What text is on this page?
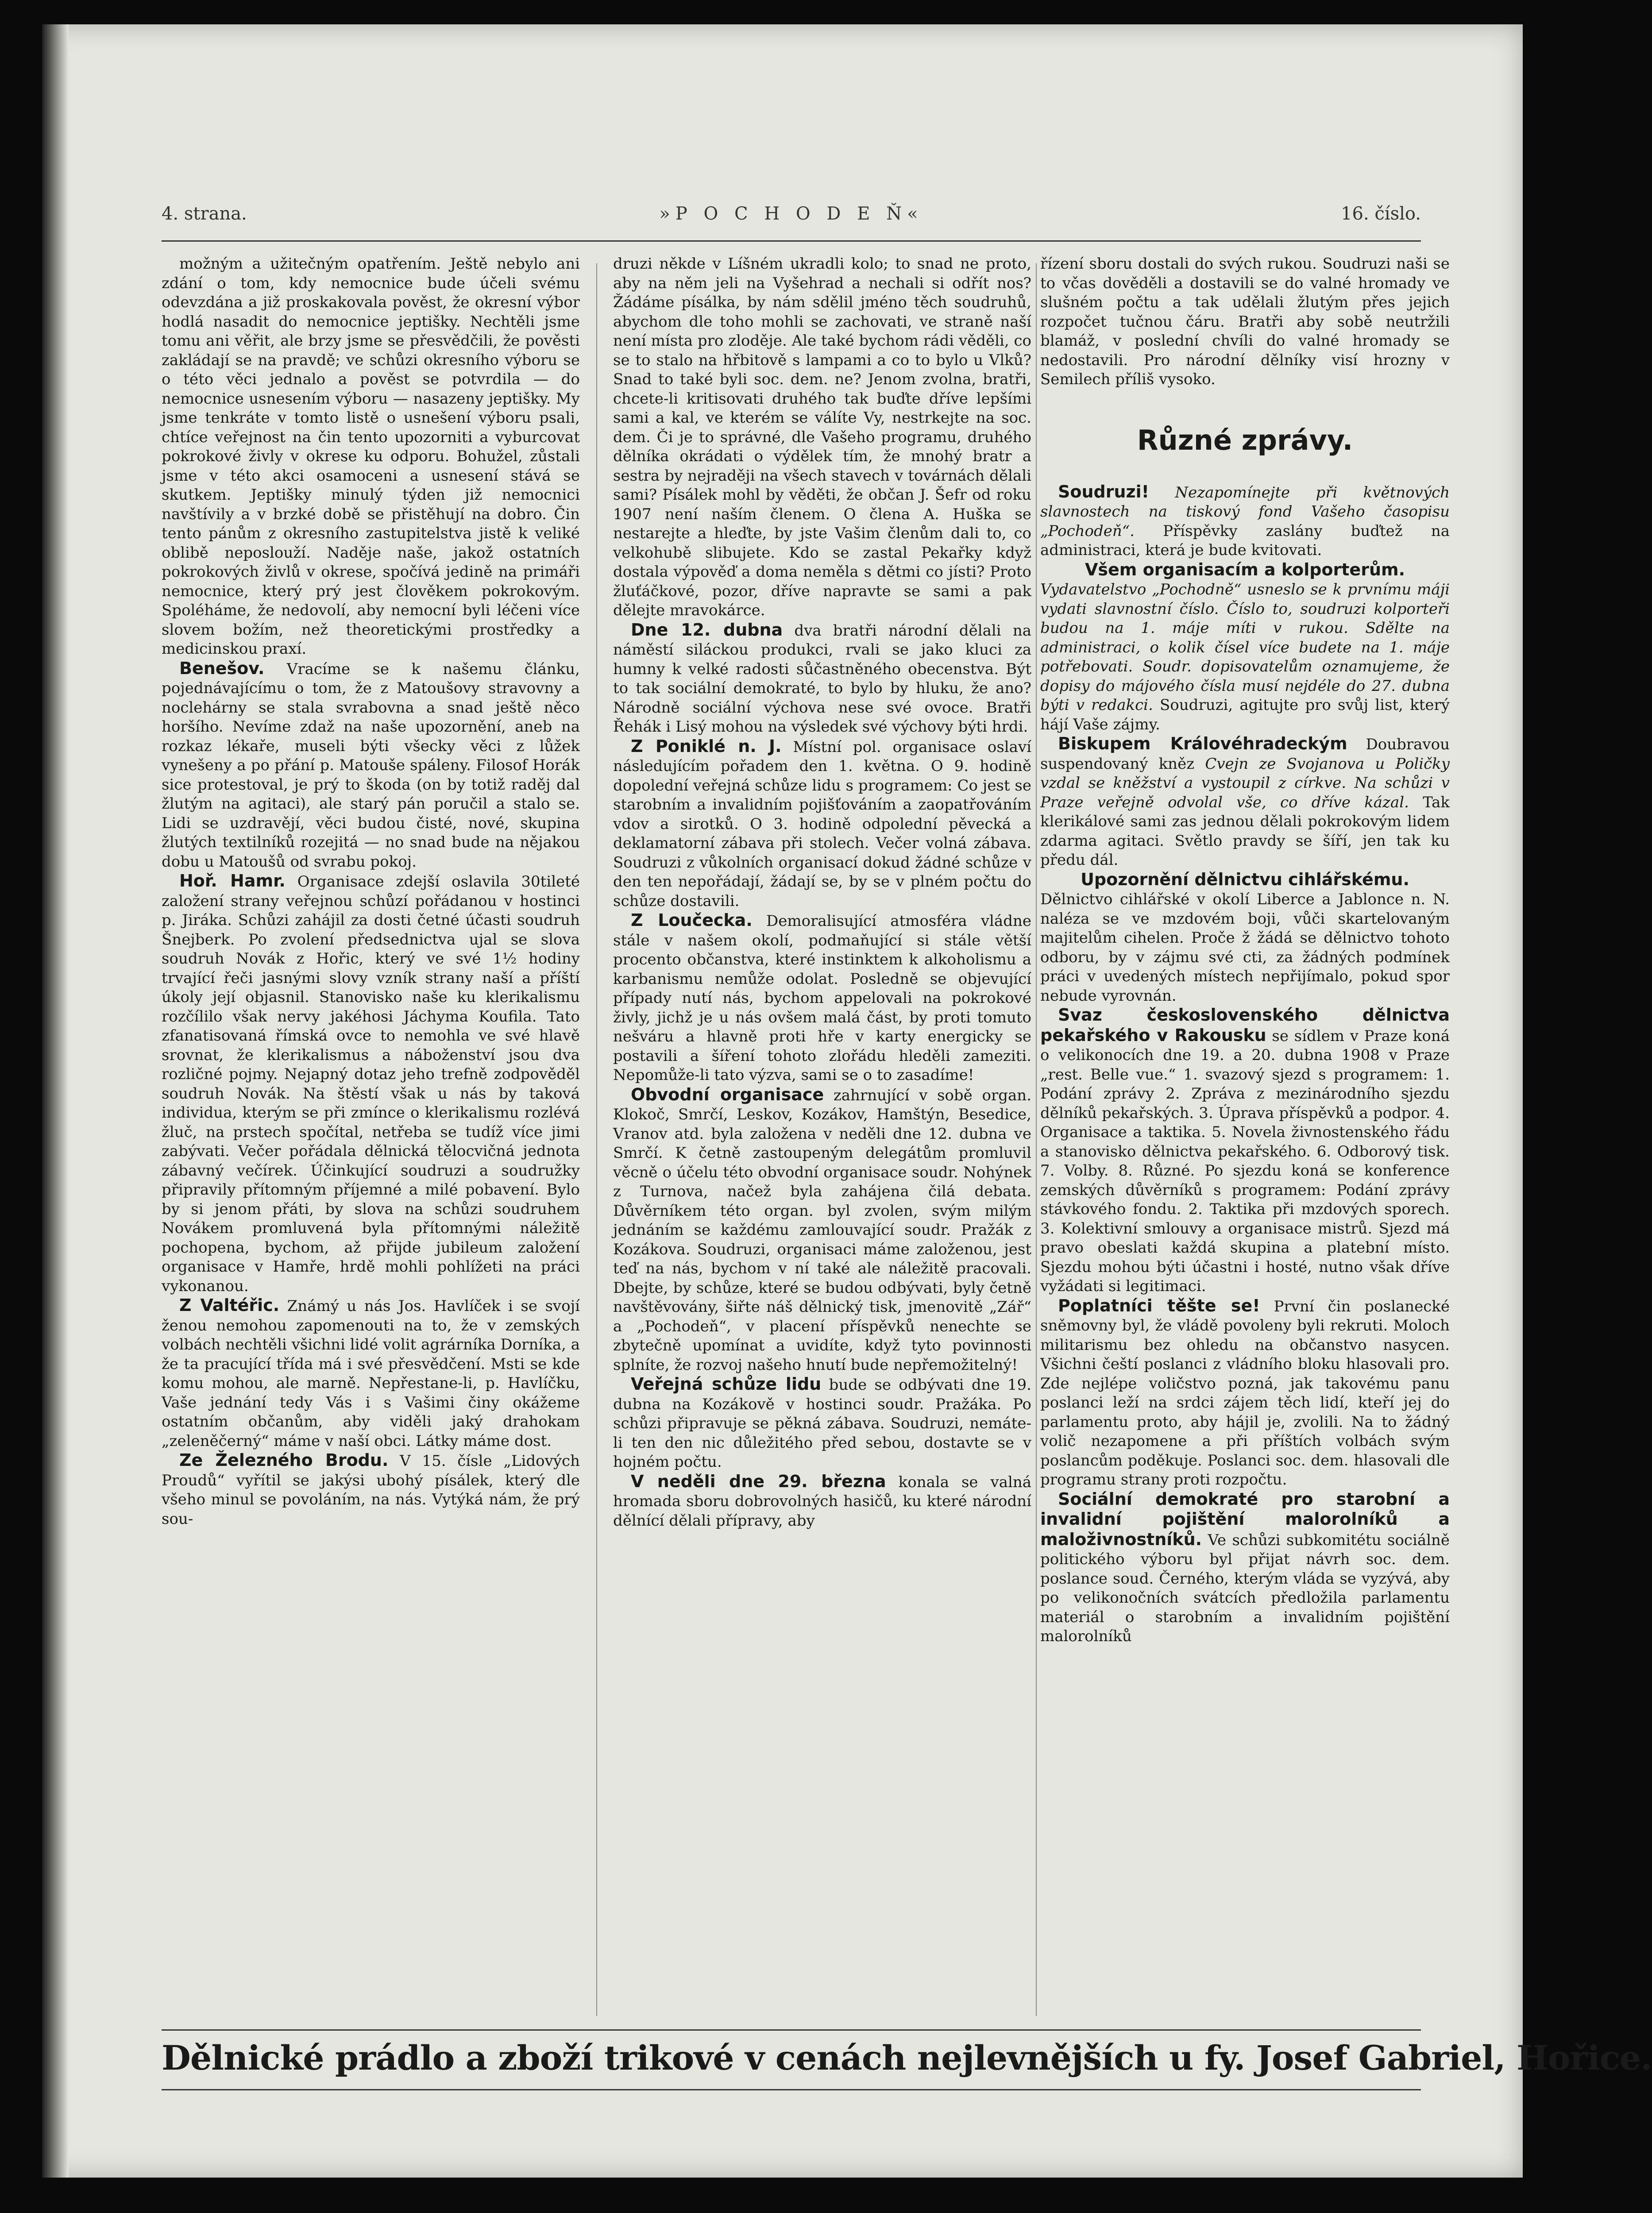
4. strana.	»P O C H O D E Ň«	16. číslo.

možným a užitečným opatřením. Ještě nebylo ani zdání o tom, kdy nemocnice bude účeli svému odevzdána a již proskakovala pověst, že okresní výbor hodlá nasadit do nemocnice jeptišky. Nechtěli jsme tomu ani věřit, ale brzy jsme se přesvědčili, že pověsti zakládají se na pravdě; ve schůzi okresního výboru se o této věci jednalo a pověst se potvrdila — do nemocnice usnesením výboru — nasazeny jeptišky. My jsme tenkráte v tomto listě o usnešení výboru psali, chtíce veřejnost na čin tento upozorniti a vyburcovat pokrokové živly v okrese ku odporu. Bohužel, zůstali jsme v této akci osamoceni a usnesení stává se skutkem. Jeptišky minulý týden již nemocnici navštívily a v brzké době se přistěhují na dobro. Čin tento pánům z okresního zastupitelstva jistě k veliké oblibě neposlouží. Naděje naše, jakož ostatních pokrokových živlů v okrese, spočívá jedině na primáři nemocnice, který prý jest člověkem pokrokovým. Spoléháme, že nedovolí, aby nemocní byli léčeni více slovem božím, než theoretickými prostředky a medicinskou praxí.

Benešov. Vracíme se k našemu článku, pojednávajícímu o tom, že z Matoušovy stravovny a noclehárny se stala svrabovna a snad ještě něco horšího. Nevíme zdaž na naše upozornění, aneb na rozkaz lékaře, museli býti všecky věci z lůžek vynešeny a po přání p. Matouše spáleny. Filosof Horák sice protestoval, je prý to škoda (on by totiž raděj dal žlutým na agitaci), ale starý pán poručil a stalo se. Lidi se uzdravějí, věci budou čisté, nové, skupina žlutých textilníků rozejitá — no snad bude na nějakou dobu u Matoušů od svrabu pokoj.

Hoř. Hamr. Organisace zdejší oslavila 30tileté založení strany veřejnou schůzí pořádanou v hostinci p. Jiráka. Schůzi zahájil za dosti četné účasti soudruh Šnejberk. Po zvolení předsednictva ujal se slova soudruh Novák z Hořic, který ve své 1½ hodiny trvající řeči jasnými slovy vzník strany naší a příští úkoly její objasnil. Stanovisko naše ku klerikalismu rozčílilo však nervy jakéhosi Jáchyma Koufila. Tato zfanatisovaná římská ovce to nemohla ve své hlavě srovnat, že klerikalismus a náboženství jsou dva rozličné pojmy. Nejapný dotaz jeho trefně zodpověděl soudruh Novák. Na štěstí však u nás by taková individua, kterým se při zmínce o klerikalismu rozlévá žluč, na prstech spočítal, netřeba se tudíž více jimi zabývati. Večer pořádala dělnická tělocvičná jednota zábavný večírek. Účinkující soudruzi a soudružky připravily přítomným příjemné a milé pobavení. Bylo by si jenom přáti, by slova na schůzi soudruhem Novákem promluvená byla přítomnými náležitě pochopena, bychom, až přijde jubileum založení organisace v Hamře, hrdě mohli pohlížeti na práci vykonanou.

Z Valtéřic. Známý u nás Jos. Havlíček i se svojí ženou nemohou zapomenouti na to, že v zemských volbách nechtěli všichni lidé volit agrárníka Dorníka, a že ta pracující třída má i své přesvědčení. Msti se kde komu mohou, ale marně. Nepřestane-li, p. Havlíčku, Vaše jednání tedy Vás i s Vašimi činy okážeme ostatním občanům, aby viděli jaký drahokam „zeleněčerný“ máme v naší obci. Látky máme dost.

Ze Železného Brodu. V 15. čísle „Lidových Proudů“ vyřítil se jakýsi ubohý písálek, který dle všeho minul se povoláním, na nás. Vytýká nám, že prý sou-

druzi někde v Líšném ukradli kolo; to snad ne proto, aby na něm jeli na Vyšehrad a nechali si odřít nos? Žádáme písálka, by nám sdělil jméno těch soudruhů, abychom dle toho mohli se zachovati, ve straně naší není místa pro zloděje. Ale také bychom rádi věděli, co se to stalo na hřbitově s lampami a co to bylo u Vlků? Snad to také byli soc. dem. ne? Jenom zvolna, bratři, chcete-li kritisovati druhého tak buďte dříve lepšími sami a kal, ve kterém se válíte Vy, nestrkejte na soc. dem. Či je to správné, dle Vašeho programu, druhého dělníka okrádati o výdělek tím, že mnohý bratr a sestra by nejraději na všech stavech v továrnách dělali sami? Písálek mohl by věděti, že občan J. Šefr od roku 1907 není naším členem. O člena A. Huška se nestarejte a hleďte, by jste Vašim členům dali to, co velkohubě slibujete. Kdo se zastal Pekařky když dostala výpověď a doma neměla s dětmi co jísti? Proto žluťáčkové, pozor, dříve napravte se sami a pak dělejte mravokárce.

Dne 12. dubna dva bratři národní dělali na náměstí siláckou produkci, rvali se jako kluci za humny k velké radosti sůčastněného obecenstva. Být to tak sociální demokraté, to bylo by hluku, že ano? Národně sociální výchova nese své ovoce. Bratři Řehák i Lisý mohou na výsledek své výchovy býti hrdi.

Z Poniklé n. J. Místní pol. organisace oslaví následujícím pořadem den 1. května. O 9. hodině dopolední veřejná schůze lidu s programem: Co jest se starobním a invalidním pojišťováním a zaopatřováním vdov a sirotků. O 3. hodině odpolední pěvecká a deklamatorní zábava při stolech. Večer volná zábava. Soudruzi z vůkolních organisací dokud žádné schůze v den ten nepořádají, žádají se, by se v plném počtu do schůze dostavili.

Z Loučecka. Demoralisující atmosféra vládne stále v našem okolí, podmaňující si stále větší procento občanstva, které instinktem k alkoholismu a karbanismu nemůže odolat. Posledně se objevující případy nutí nás, bychom appelovali na pokrokové živly, jichž je u nás ovšem malá část, by proti tomuto nešváru a hlavně proti hře v karty energicky se postavili a šíření tohoto zlořádu hleděli zameziti. Nepomůže-li tato výzva, sami se o to zasadíme!

Obvodní organisace zahrnující v sobě organ. Klokoč, Smrčí, Leskov, Kozákov, Hamštýn, Besedice, Vranov atd. byla založena v neděli dne 12. dubna ve Smrčí. K četně zastoupeným delegátům promluvil věcně o účelu této obvodní organisace soudr. Nohýnek z Turnova, načež byla zahájena čilá debata. Důvěrníkem této organ. byl zvolen, svým milým jednáním se každému zamlouvající soudr. Pražák z Kozákova. Soudruzi, organisaci máme založenou, jest teď na nás, bychom v ní také ale náležitě pracovali. Dbejte, by schůze, které se budou odbývati, byly četně navštěvovány, šiřte náš dělnický tisk, jmenovitě „Zář“ a „Pochodeň“, v placení příspěvků nenechte se zbytečně upomínat a uvidíte, když tyto povinnosti splníte, že rozvoj našeho hnutí bude nepřemožitelný!

Veřejná schůze lidu bude se odbývati dne 19. dubna na Kozákově v hostinci soudr. Pražáka. Po schůzi připravuje se pěkná zábava. Soudruzi, nemáte-li ten den nic důležitého před sebou, dostavte se v hojném počtu.

V neděli dne 29. března konala se valná hromada sboru dobrovolných hasičů, ku které národní dělnící dělali přípravy, aby

řízení sboru dostali do svých rukou. Soudruzi naši se to včas dověděli a dostavili se do valné hromady ve slušném počtu a tak udělali žlutým přes jejich rozpočet tučnou čáru. Bratři aby sobě neutržili blamáž, v poslední chvíli do valné hromady se nedostavili. Pro národní dělníky visí hrozny v Semilech příliš vysoko.

Různé zprávy.

Soudruzi! Nezapomínejte při květnových slavnostech na tiskový fond Vašeho časopisu „Pochodeň“. Příspěvky zaslány buďtež na administraci, která je bude kvitovati.

Všem organisacím a kolporterům.

Vydavatelstvo „Pochodně“ usneslo se k prvnímu máji vydati slavnostní číslo. Číslo to, soudruzi kolporteři budou na 1. máje míti v rukou. Sdělte na administraci, o kolik čísel více budete na 1. máje potřebovati. Soudr. dopisovatelům oznamujeme, že dopisy do májového čísla musí nejdéle do 27. dubna býti v redakci. Soudruzi, agitujte pro svůj list, který hájí Vaše zájmy.

Biskupem Královéhradeckým Doubravou suspendovaný kněz Cvejn ze Svojanova u Poličky vzdal se kněžství a vystoupil z církve. Na schůzi v Praze veřejně odvolal vše, co dříve kázal. Tak klerikálové sami zas jednou dělali pokrokovým lidem zdarma agitaci. Světlo pravdy se šíří, jen tak ku předu dál.

Upozornění dělnictvu cihlářskému.

Dělnictvo cihlářské v okolí Liberce a Jablonce n. N. naléza se ve mzdovém boji, vůči skartelovaným majitelům cihelen. Proče ž žádá se dělnictvo tohoto odboru, by v zájmu své cti, za žádných podmínek práci v uvedených místech nepřijímalo, pokud spor nebude vyrovnán.

Svaz československého dělnictva pekařského v Rakousku se sídlem v Praze koná o velikonocích dne 19. a 20. dubna 1908 v Praze „rest. Belle vue.“ 1. svazový sjezd s programem: 1. Podání zprávy 2. Zpráva z mezinárodního sjezdu dělníků pekařských. 3. Úprava příspěvků a podpor. 4. Organisace a taktika. 5. Novela živnostenského řádu a stanovisko dělnictva pekařského. 6. Odborový tisk. 7. Volby. 8. Různé. Po sjezdu koná se konference zemských důvěrníků s programem: Podání zprávy stávkového fondu. 2. Taktika při mzdových sporech. 3. Kolektivní smlouvy a organisace mistrů. Sjezd má pravo obeslati každá skupina a platební místo. Sjezdu mohou býti účastni i hosté, nutno však dříve vyžádati si legitimaci.

Poplatníci těšte se! První čin poslanecké sněmovny byl, že vládě povoleny byli rekruti. Moloch militarismu bez ohledu na občanstvo nasycen. Všichni čeští poslanci z vládního bloku hlasovali pro. Zde nejlépe voličstvo pozná, jak takovému panu poslanci leží na srdci zájem těch lidí, kteří jej do parlamentu proto, aby hájil je, zvolili. Na to žádný volič nezapomene a při příštích volbách svým poslancům poděkuje. Poslanci soc. dem. hlasovali dle programu strany proti rozpočtu.

Sociální demokraté pro starobní a invalidní pojištění malorolníků a maloživnostníků. Ve schůzi subkomitétu sociálně politického výboru byl přijat návrh soc. dem. poslance soud. Černého, kterým vláda se vyzývá, aby po velikonočních svátcích předložila parlamentu materiál o starobním a invalidním pojištění malorolníků

Dělnické prádlo a zboží trikové v cenách nejlevnějších u fy. Josef Gabriel, Hořice.
